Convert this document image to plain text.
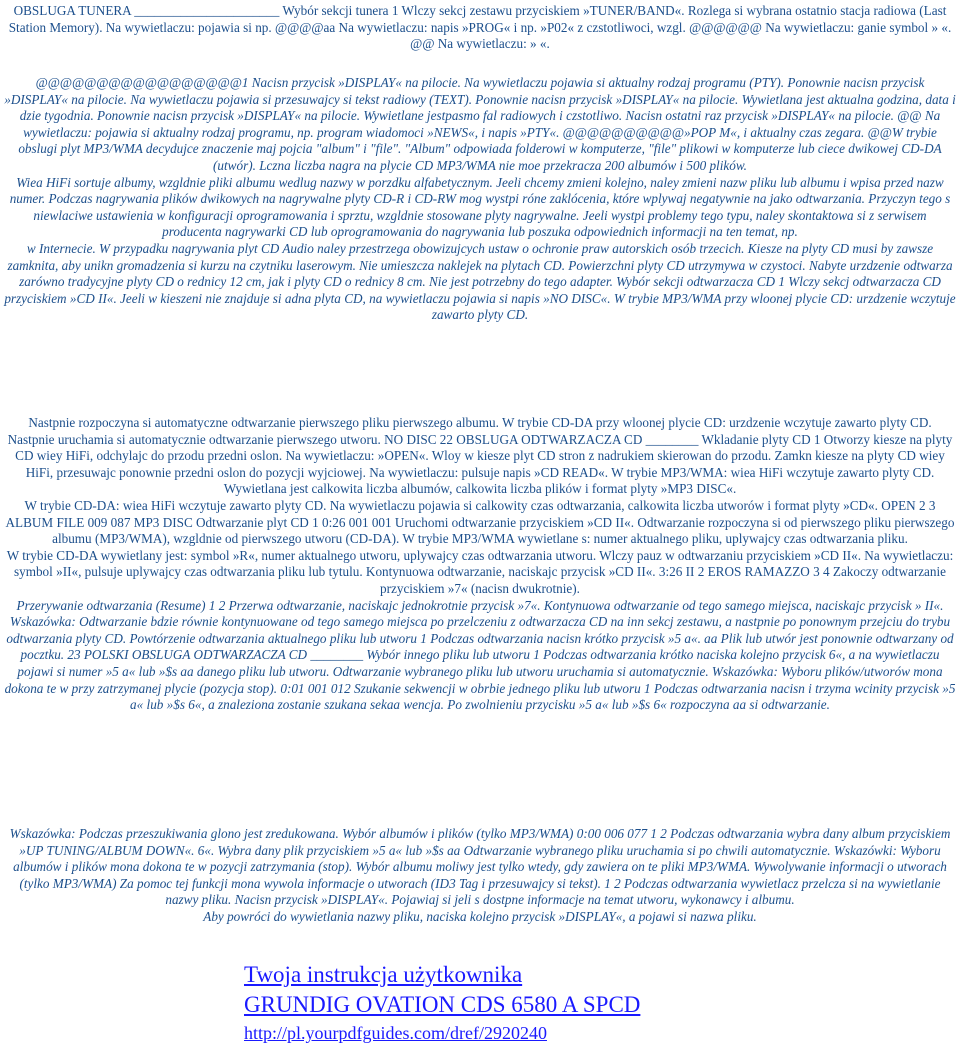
OBSLUGA TUNERA ______________________ Wybór sekcji tunera 1 Wlczy sekcj zestawu przyciskiem »TUNER/BAND«. Rozlega si wybrana ostatnio stacja radiowa (Last Station Memory). Na wywietlaczu: pojawia si np. @@@@aa Na wywietlaczu: napis »PROG« i np. »P02« z czstotliwoci, wzgl. @@@@@@ Na wywietlaczu: ganie symbol » «. @@ Na wywietlaczu: » «.

@@@@@@@@@@@@@@@@@1 Nacisn przycisk »DISPLAY« na pilocie. Na wywietlaczu pojawia si aktualny rodzaj programu (PTY). Ponownie nacisn przycisk »DISPLAY« na pilocie. Na wywietlaczu pojawia si przesuwajcy si tekst radiowy (TEXT). Ponownie nacisn przycisk »DISPLAY« na pilocie. Wywietlana jest aktualna godzina, data i dzie tygodnia. Ponownie nacisn przycisk »DISPLAY« na pilocie. Wywietlane jestpasmo fal radiowych i czstotliwo. Nacisn ostatni raz przycisk »DISPLAY« na pilocie. @@ Na wywietlaczu: pojawia si aktualny rodzaj programu, np. program wiadomoci »NEWS«, i napis »PTY«. @@@@@@@@@@»POP M«, i aktualny czas zegara. @@W trybie obslugi plyt MP3/WMA decydujce znaczenie maj pojcia "album" i "file". "Album" odpowiada folderowi w komputerze, "file" plikowi w komputerze lub ciece dwikowej CD-DA (utwór). Lczna liczba nagra na plycie CD MP3/WMA nie moe przekracza 200 albumów i 500 plików.

Wiea HiFi sortuje albumy, wzgldnie pliki albumu wedlug nazwy w porzdku alfabetycznym. Jeeli chcemy zmieni kolejno, naley zmieni nazw pliku lub albumu i wpisa przed nazw numer. Podczas nagrywania plików dwikowych na nagrywalne plyty CD-R i CD-RW mog wystpi róne zaklócenia, które wplywaj negatywnie na jako odtwarzania. Przyczyn tego s niewlaciwe ustawienia w konfiguracji oprogramowania i sprztu, wzgldnie stosowane plyty nagrywalne. Jeeli wystpi problemy tego typu, naley skontaktowa si z serwisem producenta nagrywarki CD lub oprogramowania do nagrywania lub poszuka odpowiednich informacji na ten temat, np.

w Internecie. W przypadku nagrywania plyt CD Audio naley przestrzega obowizujcych ustaw o ochronie praw autorskich osób trzecich. Kiesze na plyty CD musi by zawsze zamknita, aby unikn gromadzenia si kurzu na czytniku laserowym. Nie umieszcza naklejek na plytach CD. Powierzchni plyty CD utrzymywa w czystoci. Nabyte urzdzenie odtwarza zarówno tradycyjne plyty CD o rednicy 12 cm, jak i plyty CD o rednicy 8 cm. Nie jest potrzebny do tego adapter. Wybór sekcji odtwarzacza CD 1 Wlczy sekcj odtwarzacza CD przyciskiem »CD II«. Jeeli w kieszeni nie znajduje si adna plyta CD, na wywietlaczu pojawia si napis »NO DISC«. W trybie MP3/WMA przy wloonej plycie CD: urzdzenie wczytuje zawarto plyty CD.

Nastpnie rozpoczyna si automatyczne odtwarzanie pierwszego pliku pierwszego albumu. W trybie CD-DA przy wloonej plycie CD: urzdzenie wczytuje zawarto plyty CD. Nastpnie uruchamia si automatycznie odtwarzanie pierwszego utworu. NO DISC 22 OBSLUGA ODTWARZACZA CD ________ Wkladanie plyty CD 1 Otworzy kiesze na plyty CD wiey HiFi, odchylajc do przodu przedni oslon. Na wywietlaczu: »OPEN«. Wloy w kiesze plyt CD stron z nadrukiem skierowan do przodu. Zamkn kiesze na plyty CD wiey HiFi, przesuwajc ponownie przedni oslon do pozycji wyjciowej. Na wywietlaczu: pulsuje napis »CD READ«. W trybie MP3/WMA: wiea HiFi wczytuje zawarto plyty CD. Wywietlana jest calkowita liczba albumów, calkowita liczba plików i format plyty »MP3 DISC«.

W trybie CD-DA: wiea HiFi wczytuje zawarto plyty CD. Na wywietlaczu pojawia si calkowity czas odtwarzania, calkowita liczba utworów i format plyty »CD«. OPEN 2 3 ALBUM FILE 009 087 MP3 DISC Odtwarzanie plyt CD 1 0:26 001 001 Uruchomi odtwarzanie przyciskiem »CD II«. Odtwarzanie rozpoczyna si od pierwszego pliku pierwszego albumu (MP3/WMA), wzgldnie od pierwszego utworu (CD-DA). W trybie MP3/WMA wywietlane s: numer aktualnego pliku, uplywajcy czas odtwarzania pliku.

W trybie CD-DA wywietlany jest: symbol »R«, numer aktualnego utworu, uplywajcy czas odtwarzania utworu. Wlczy pauz w odtwarzaniu przyciskiem »CD II«. Na wywietlaczu: symbol »II«, pulsuje uplywajcy czas odtwarzania pliku lub tytulu. Kontynuowa odtwarzanie, naciskajc przycisk »CD II«. 3:26 II 2 EROS RAMAZZO 3 4 Zakoczy odtwarzanie przyciskiem »7« (nacisn dwukrotnie).

Przerywanie odtwarzania (Resume) 1 2 Przerwa odtwarzanie, naciskajc jednokrotnie przycisk »7«. Kontynuowa odtwarzanie od tego samego miejsca, naciskajc przycisk » II«. Wskazówka: Odtwarzanie bdzie równie kontynuowane od tego samego miejsca po przelczeniu z odtwarzacza CD na inn sekcj zestawu, a nastpnie po ponownym przejciu do trybu odtwarzania plyty CD. Powtórzenie odtwarzania aktualnego pliku lub utworu 1 Podczas odtwarzania nacisn krótko przycisk »5 a«. aa Plik lub utwór jest ponownie odtwarzany od pocztku. 23 POLSKI OBSLUGA ODTWARZACZA CD ________ Wybór innego pliku lub utworu 1 Podczas odtwarzania krótko naciska kolejno przycisk 6«, a na wywietlaczu pojawi si numer »5 a« lub »$s aa danego pliku lub utworu. Odtwarzanie wybranego pliku lub utworu uruchamia si automatycznie. Wskazówka: Wyboru plików/utworów mona dokona te w przy zatrzymanej plycie (pozycja stop). 0:01 001 012 Szukanie sekwencji w obrbie jednego pliku lub utworu 1 Podczas odtwarzania nacisn i trzyma wcinity przycisk »5 a« lub »$s 6«, a znaleziona zostanie szukana sekaa wencja. Po zwolnieniu przycisku »5 a« lub »$s 6« rozpoczyna aa si odtwarzanie.

Wskazówka: Podczas przeszukiwania glono jest zredukowana. Wybór albumów i plików (tylko MP3/WMA) 0:00 006 077 1 2 Podczas odtwarzania wybra dany album przyciskiem »UP TUNING/ALBUM DOWN«. 6«. Wybra dany plik przyciskiem »5 a« lub »$s aa Odtwarzanie wybranego pliku uruchamia si po chwili automatycznie. Wskazówki: Wyboru albumów i plików mona dokona te w pozycji zatrzymania (stop). Wybór albumu moliwy jest tylko wtedy, gdy zawiera on te pliki MP3/WMA. Wywolywanie informacji o utworach (tylko MP3/WMA) Za pomoc tej funkcji mona wywola informacje o utworach (ID3 Tag i przesuwajcy si tekst). 1 2 Podczas odtwarzania wywietlacz przelcza si na wywietlanie nazwy pliku. Nacisn przycisk »DISPLAY«. Pojawiaj si jeli s dostpne informacje na temat utworu, wykonawcy i albumu.

Aby powróci do wywietlania nazwy pliku, naciska kolejno przycisk »DISPLAY«, a pojawi si nazwa pliku.

Twoja instrukcja użytkownika
GRUNDIG OVATION CDS 6580 A SPCD
http://pl.yourpdfguides.com/dref/2920240
